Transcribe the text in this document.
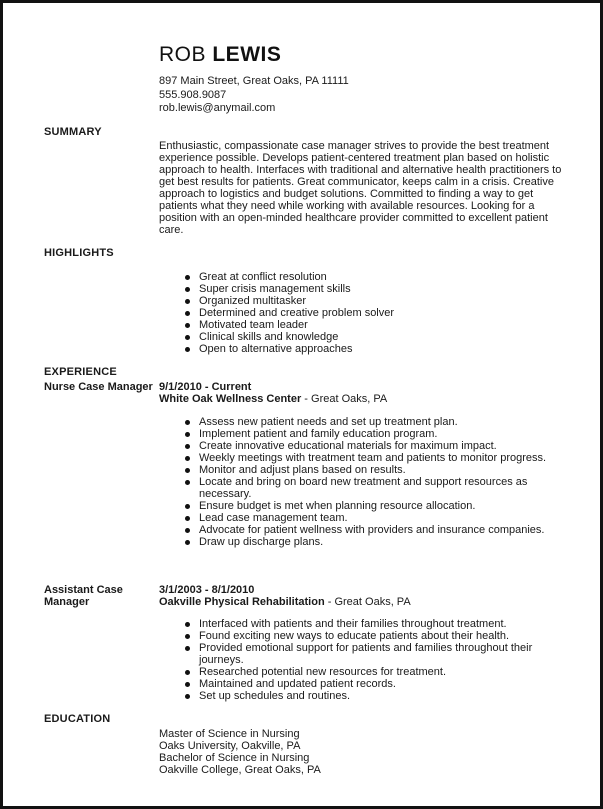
ROB LEWIS
897 Main Street, Great Oaks, PA 11111
555.908.9087
rob.lewis@anymail.com
SUMMARY

Enthusiastic, compassionate case manager strives to provide the best treatment experience possible. Develops patient-centered treatment plan based on holistic approach to health. Interfaces with traditional and alternative health practitioners to get best results for patients. Great communicator, keeps calm in a crisis. Creative approach to logistics and budget solutions. Committed to finding a way to get patients what they need while working with available resources. Looking for a position with an open-minded healthcare provider committed to excellent patient care.

HIGHLIGHTS
Great at conflict resolution
Super crisis management skills
Organized multitasker
Determined and creative problem solver
Motivated team leader
Clinical skills and knowledge
Open to alternative approaches
EXPERIENCE
Nurse Case Manager 9/1/2010 - Current
White Oak Wellness Center - Great Oaks, PA
Assess new patient needs and set up treatment plan.
Implement patient and family education program.
Create innovative educational materials for maximum impact.
Weekly meetings with treatment team and patients to monitor progress.
Monitor and adjust plans based on results.
Locate and bring on board new treatment and support resources as necessary.
Ensure budget is met when planning resource allocation.
Lead case management team.
Advocate for patient wellness with providers and insurance companies.
Draw up discharge plans.
Assistant Case Manager
3/1/2003 - 8/1/2010
Oakville Physical Rehabilitation - Great Oaks, PA
Interfaced with patients and their families throughout treatment.
Found exciting new ways to educate patients about their health.
Provided emotional support for patients and families throughout their journeys.
Researched potential new resources for treatment.
Maintained and updated patient records.
Set up schedules and routines.
EDUCATION
Master of Science in Nursing
Oaks University, Oakville, PA
Bachelor of Science in Nursing
Oakville College, Great Oaks, PA
